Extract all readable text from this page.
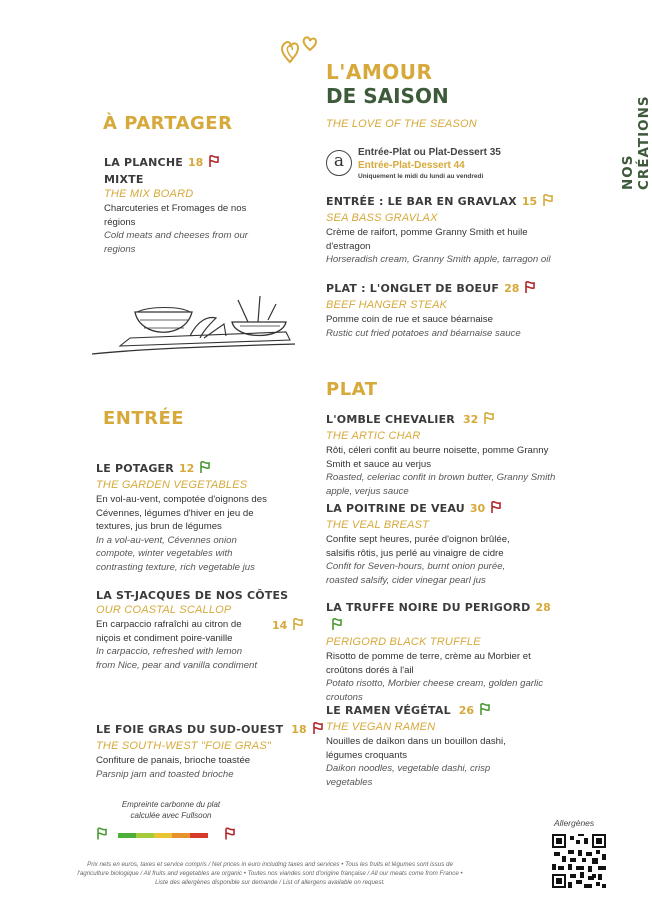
L'AMOUR
DE SAISON
THE LOVE OF THE SEASON
NOS CRÉATIONS
a	Entrée-Plat ou Plat-Dessert 35
Entrée-Plat-Dessert 44
Uniquement le midi du lundi au vendredi
À PARTAGER
LA PLANCHE 18
MIXTE
THE MIX BOARD
Charcuteries et Fromages de nos régions
Cold meats and cheeses from our regions
ENTRÉE
LE POTAGER 12
THE GARDEN VEGETABLES
En vol-au-vent, compotée d'oignons des Cévennes, légumes d'hiver en jeu de textures, jus brun de légumes
In a vol-au-vent, Cévennes onion compote, winter vegetables with contrasting texture, rich vegetable jus
LA ST-JACQUES DE NOS CÔTES
OUR COASTAL SCALLOP
En carpaccio rafraîchi au citron de niçois et condiment poire-vanille
In carpaccio, refreshed with lemon from Nice, pear and vanilla condiment
14
LE FOIE GRAS DU SUD-OUEST 18
THE SOUTH-WEST "FOIE GRAS"
Confiture de panais, brioche toastée
Parsnip jam and toasted brioche
ENTRÉE : LE BAR EN GRAVLAX 15
SEA BASS GRAVLAX
Crème de raifort, pomme Granny Smith et huile d'estragon
Horseradish cream, Granny Smith apple, tarragon oil
PLAT : L'ONGLET DE BOEUF 28
BEEF HANGER STEAK
Pomme coin de rue et sauce béarnaise
Rustic cut fried potatoes and béarnaise sauce
PLAT
L'OMBLE CHEVALIER 32
THE ARTIC CHAR
Rôti, céleri confit au beurre noisette, pomme Granny Smith et sauce au verjus
Roasted, celeriac confit in brown butter, Granny Smith apple, verjus sauce
LA POITRINE DE VEAU 30
THE VEAL BREAST
Confite sept heures, purée d'oignon brûlée, salsifis rôtis, jus perlé au vinaigre de cidre
Confit for Seven-hours, burnt onion purée, roasted salsify, cider vinegar pearl jus
LA TRUFFE NOIRE DU PERIGORD 28
PERIGORD BLACK TRUFFLE
Risotto de pomme de terre, crème au Morbier et croûtons dorés à l'ail
Potato risotto, Morbier cheese cream, golden garlic croutons
LE RAMEN VÉGÉTAL 26
THE VEGAN RAMEN
Nouilles de daïkon dans un bouillon dashi, légumes croquants
Daikon noodles, vegetable dashi, crisp vegetables
Empreinte carbonne du plat
calculée avec Fullsoon
Allergènes
Prix nets en euros, taxes et service compris / Net prices in euro including taxes and services • Tous les fruits et légumes sont issus de
l'agriculture biologique / All fruits and vegetables are organic • Toutes nos viandes sont d'origine française / All our meats come from France •
Liste des allergènes disponible sur demande / List of allergens available on request.
